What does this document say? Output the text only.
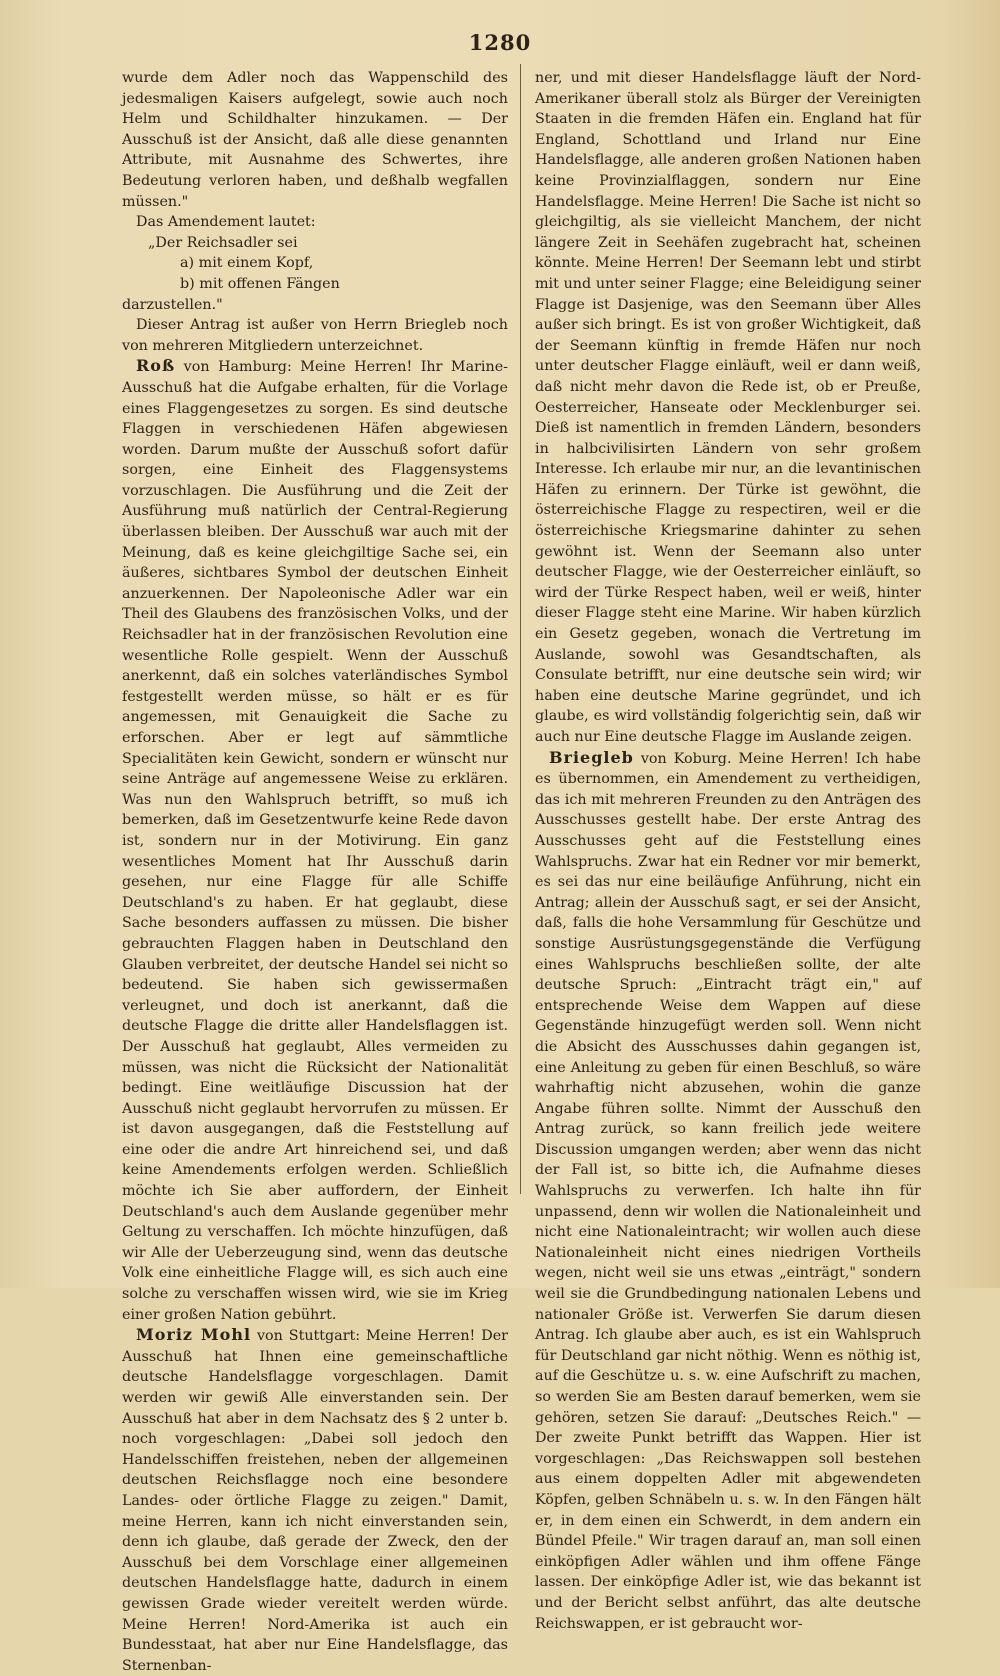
1280

wurde dem Adler noch das Wappenschild des jedesmaligen Kaisers aufgelegt, sowie auch noch Helm und Schildhalter hinzukamen. — Der Ausschuß ist der Ansicht, daß alle diese genannten Attribute, mit Ausnahme des Schwertes, ihre Bedeutung verloren haben, und deßhalb wegfallen müssen."

Das Amendement lautet:

„Der Reichsadler sei

a) mit einem Kopf,

b) mit offenen Fängen

darzustellen."

Dieser Antrag ist außer von Herrn Briegleb noch von mehreren Mitgliedern unterzeichnet.

Roß von Hamburg: Meine Herren! Ihr Marine-Ausschuß hat die Aufgabe erhalten, für die Vorlage eines Flaggengesetzes zu sorgen. Es sind deutsche Flaggen in verschiedenen Häfen abgewiesen worden. Darum mußte der Ausschuß sofort dafür sorgen, eine Einheit des Flaggensystems vorzuschlagen. Die Ausführung und die Zeit der Ausführung muß natürlich der Central-Regierung überlassen bleiben. Der Ausschuß war auch mit der Meinung, daß es keine gleichgiltige Sache sei, ein äußeres, sichtbares Symbol der deutschen Einheit anzuerkennen. Der Napoleonische Adler war ein Theil des Glaubens des französischen Volks, und der Reichsadler hat in der französischen Revolution eine wesentliche Rolle gespielt. Wenn der Ausschuß anerkennt, daß ein solches vaterländisches Symbol festgestellt werden müsse, so hält er es für angemessen, mit Genauigkeit die Sache zu erforschen. Aber er legt auf sämmtliche Specialitäten kein Gewicht, sondern er wünscht nur seine Anträge auf angemessene Weise zu erklären. Was nun den Wahlspruch betrifft, so muß ich bemerken, daß im Gesetzentwurfe keine Rede davon ist, sondern nur in der Motivirung. Ein ganz wesentliches Moment hat Ihr Ausschuß darin gesehen, nur eine Flagge für alle Schiffe Deutschland's zu haben. Er hat geglaubt, diese Sache besonders auffassen zu müssen. Die bisher gebrauchten Flaggen haben in Deutschland den Glauben verbreitet, der deutsche Handel sei nicht so bedeutend. Sie haben sich gewissermaßen verleugnet, und doch ist anerkannt, daß die deutsche Flagge die dritte aller Handelsflaggen ist. Der Ausschuß hat geglaubt, Alles vermeiden zu müssen, was nicht die Rücksicht der Nationalität bedingt. Eine weitläufige Discussion hat der Ausschuß nicht geglaubt hervorrufen zu müssen. Er ist davon ausgegangen, daß die Feststellung auf eine oder die andre Art hinreichend sei, und daß keine Amendements erfolgen werden. Schließlich möchte ich Sie aber auffordern, der Einheit Deutschland's auch dem Auslande gegenüber mehr Geltung zu verschaffen. Ich möchte hinzufügen, daß wir Alle der Ueberzeugung sind, wenn das deutsche Volk eine einheitliche Flagge will, es sich auch eine solche zu verschaffen wissen wird, wie sie im Krieg einer großen Nation gebührt.

Moriz Mohl von Stuttgart: Meine Herren! Der Ausschuß hat Ihnen eine gemeinschaftliche deutsche Handelsflagge vorgeschlagen. Damit werden wir gewiß Alle einverstanden sein. Der Ausschuß hat aber in dem Nachsatz des § 2 unter b. noch vorgeschlagen: „Dabei soll jedoch den Handelsschiffen freistehen, neben der allgemeinen deutschen Reichsflagge noch eine besondere Landes- oder örtliche Flagge zu zeigen." Damit, meine Herren, kann ich nicht einverstanden sein, denn ich glaube, daß gerade der Zweck, den der Ausschuß bei dem Vorschlage einer allgemeinen deutschen Handelsflagge hatte, dadurch in einem gewissen Grade wieder vereitelt werden würde. Meine Herren! Nord-Amerika ist auch ein Bundesstaat, hat aber nur Eine Handelsflagge, das Sternenban-

ner, und mit dieser Handelsflagge läuft der Nord-Amerikaner überall stolz als Bürger der Vereinigten Staaten in die fremden Häfen ein. England hat für England, Schottland und Irland nur Eine Handelsflagge, alle anderen großen Nationen haben keine Provinzialflaggen, sondern nur Eine Handelsflagge. Meine Herren! Die Sache ist nicht so gleichgiltig, als sie vielleicht Manchem, der nicht längere Zeit in Seehäfen zugebracht hat, scheinen könnte. Meine Herren! Der Seemann lebt und stirbt mit und unter seiner Flagge; eine Beleidigung seiner Flagge ist Dasjenige, was den Seemann über Alles außer sich bringt. Es ist von großer Wichtigkeit, daß der Seemann künftig in fremde Häfen nur noch unter deutscher Flagge einläuft, weil er dann weiß, daß nicht mehr davon die Rede ist, ob er Preuße, Oesterreicher, Hanseate oder Mecklenburger sei. Dieß ist namentlich in fremden Ländern, besonders in halbcivilisirten Ländern von sehr großem Interesse. Ich erlaube mir nur, an die levantinischen Häfen zu erinnern. Der Türke ist gewöhnt, die österreichische Flagge zu respectiren, weil er die österreichische Kriegsmarine dahinter zu sehen gewöhnt ist. Wenn der Seemann also unter deutscher Flagge, wie der Oesterreicher einläuft, so wird der Türke Respect haben, weil er weiß, hinter dieser Flagge steht eine Marine. Wir haben kürzlich ein Gesetz gegeben, wonach die Vertretung im Auslande, sowohl was Gesandtschaften, als Consulate betrifft, nur eine deutsche sein wird; wir haben eine deutsche Marine gegründet, und ich glaube, es wird vollständig folgerichtig sein, daß wir auch nur Eine deutsche Flagge im Auslande zeigen.

Briegleb von Koburg. Meine Herren! Ich habe es übernommen, ein Amendement zu vertheidigen, das ich mit mehreren Freunden zu den Anträgen des Ausschusses gestellt habe. Der erste Antrag des Ausschusses geht auf die Feststellung eines Wahlspruchs. Zwar hat ein Redner vor mir bemerkt, es sei das nur eine beiläufige Anführung, nicht ein Antrag; allein der Ausschuß sagt, er sei der Ansicht, daß, falls die hohe Versammlung für Geschütze und sonstige Ausrüstungsgegenstände die Verfügung eines Wahlspruchs beschließen sollte, der alte deutsche Spruch: „Eintracht trägt ein," auf entsprechende Weise dem Wappen auf diese Gegenstände hinzugefügt werden soll. Wenn nicht die Absicht des Ausschusses dahin gegangen ist, eine Anleitung zu geben für einen Beschluß, so wäre wahrhaftig nicht abzusehen, wohin die ganze Angabe führen sollte. Nimmt der Ausschuß den Antrag zurück, so kann freilich jede weitere Discussion umgangen werden; aber wenn das nicht der Fall ist, so bitte ich, die Aufnahme dieses Wahlspruchs zu verwerfen. Ich halte ihn für unpassend, denn wir wollen die Nationaleinheit und nicht eine Nationaleintracht; wir wollen auch diese Nationaleinheit nicht eines niedrigen Vortheils wegen, nicht weil sie uns etwas „einträgt," sondern weil sie die Grundbedingung nationalen Lebens und nationaler Größe ist. Verwerfen Sie darum diesen Antrag. Ich glaube aber auch, es ist ein Wahlspruch für Deutschland gar nicht nöthig. Wenn es nöthig ist, auf die Geschütze u. s. w. eine Aufschrift zu machen, so werden Sie am Besten darauf bemerken, wem sie gehören, setzen Sie darauf: „Deutsches Reich." — Der zweite Punkt betrifft das Wappen. Hier ist vorgeschlagen: „Das Reichswappen soll bestehen aus einem doppelten Adler mit abgewendeten Köpfen, gelben Schnäbeln u. s. w. In den Fängen hält er, in dem einen ein Schwerdt, in dem andern ein Bündel Pfeile." Wir tragen darauf an, man soll einen einköpfigen Adler wählen und ihm offene Fänge lassen. Der einköpfige Adler ist, wie das bekannt ist und der Bericht selbst anführt, das alte deutsche Reichswappen, er ist gebraucht wor-
